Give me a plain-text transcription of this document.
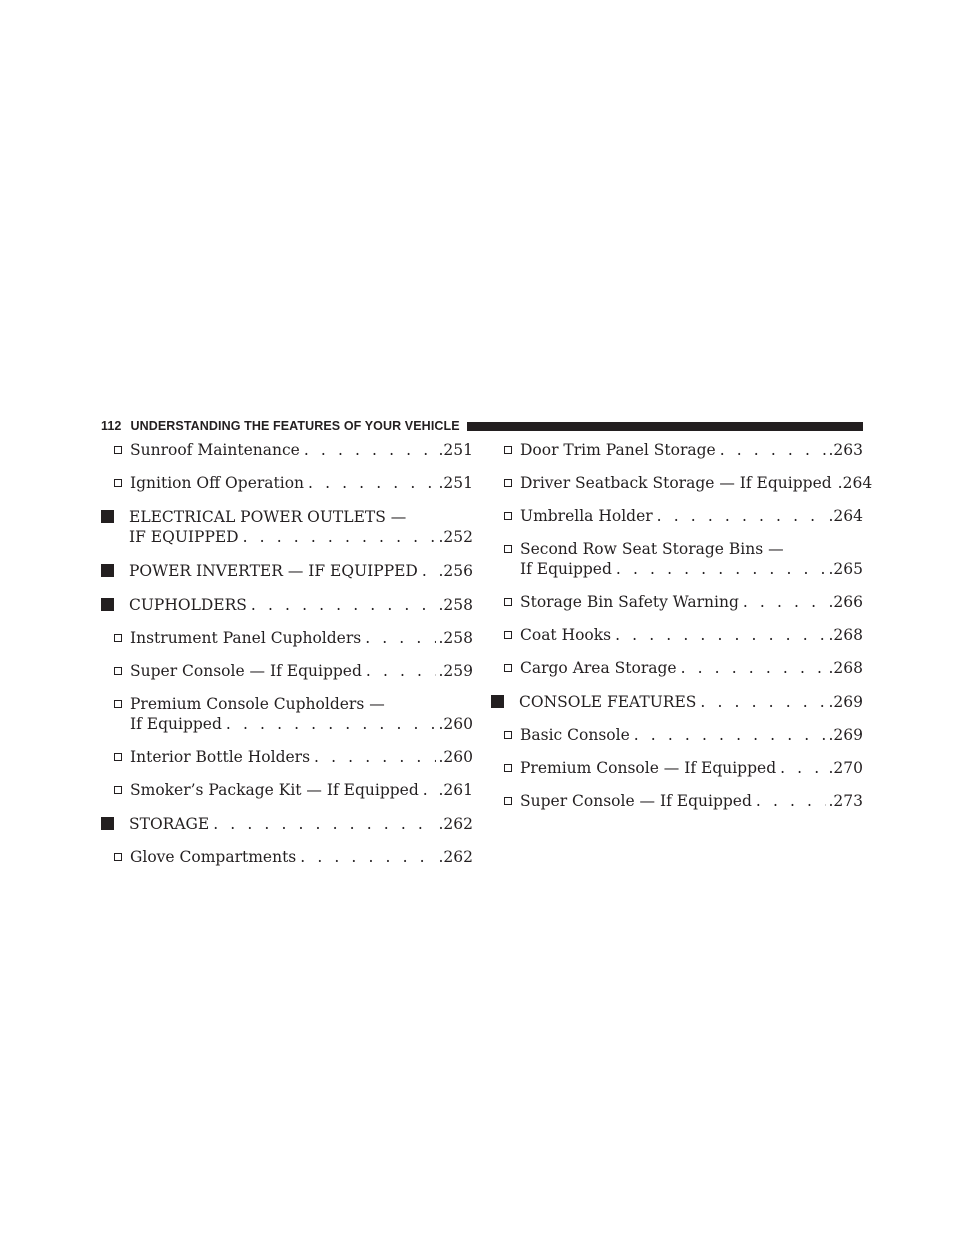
112 UNDERSTANDING THE FEATURES OF YOUR VEHICLE
Sunroof Maintenance . . .	.251
Ignition Off Operation . . .	.251
ELECTRICAL POWER OUTLETS —
IF EQUIPPED . . .	.252
POWER INVERTER — IF EQUIPPED . . . .256
CUPHOLDERS . . .	.258
Instrument Panel Cupholders . . .	.258
Super Console — If Equipped . . .	.259
Premium Console Cupholders —
If Equipped . . .	.260
Interior Bottle Holders . . .	.260
Smoker’s Package Kit — If Equipped . . . .261
STORAGE . . .	.262
Glove Compartments . . .	.262
Door Trim Panel Storage . . .	.263
Driver Seatback Storage — If Equipped .264
Umbrella Holder . . .	.264
Second Row Seat Storage Bins —
If Equipped . . .	.265
Storage Bin Safety Warning . . .	.266
Coat Hooks . . .	.268
Cargo Area Storage . . .	.268
CONSOLE FEATURES . . .	.269
Basic Console . . .	.269
Premium Console — If Equipped . . .	.270
Super Console — If Equipped . . .	.273
